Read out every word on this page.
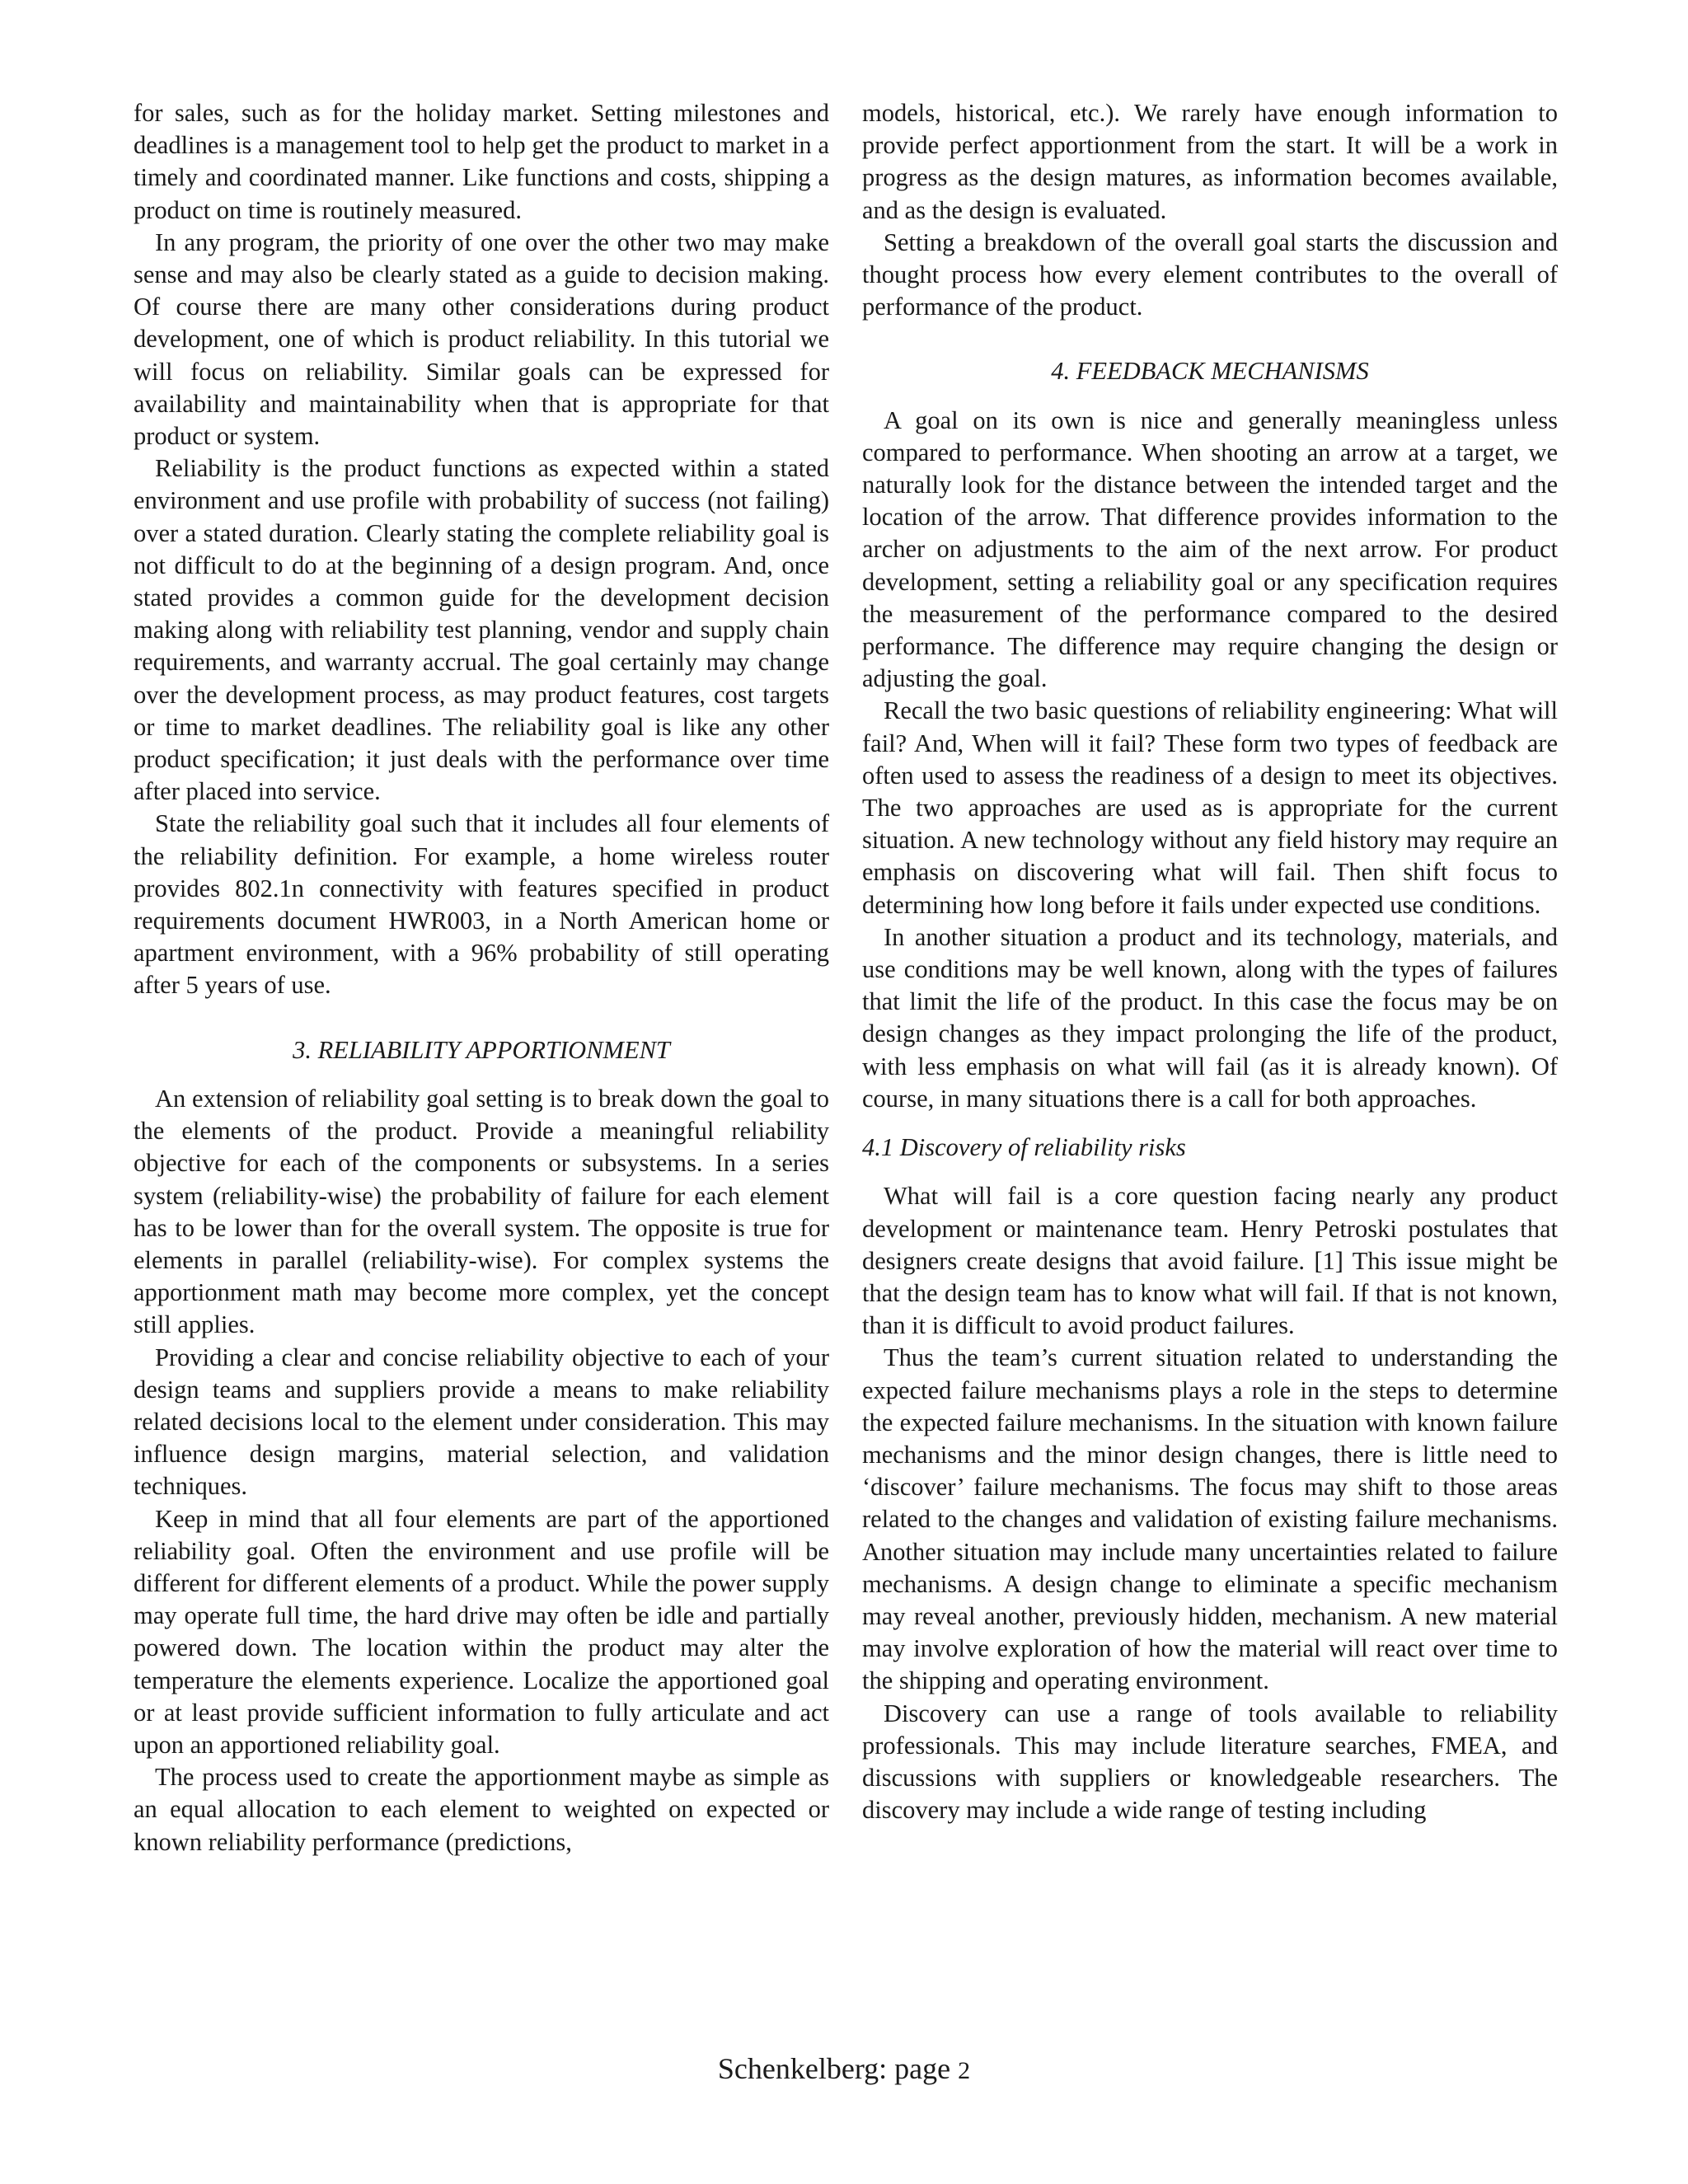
for sales, such as for the holiday market. Setting milestones and deadlines is a management tool to help get the product to market in a timely and coordinated manner. Like functions and costs, shipping a product on time is routinely measured.

In any program, the priority of one over the other two may make sense and may also be clearly stated as a guide to decision making. Of course there are many other considerations during product development, one of which is product reliability. In this tutorial we will focus on reliability. Similar goals can be expressed for availability and maintainability when that is appropriate for that product or system.

Reliability is the product functions as expected within a stated environment and use profile with probability of success (not failing) over a stated duration. Clearly stating the complete reliability goal is not difficult to do at the beginning of a design program. And, once stated provides a common guide for the development decision making along with reliability test planning, vendor and supply chain requirements, and warranty accrual. The goal certainly may change over the development process, as may product features, cost targets or time to market deadlines. The reliability goal is like any other product specification; it just deals with the performance over time after placed into service.

State the reliability goal such that it includes all four elements of the reliability definition. For example, a home wireless router provides 802.1n connectivity with features specified in product requirements document HWR003, in a North American home or apartment environment, with a 96% probability of still operating after 5 years of use.

3. RELIABILITY APPORTIONMENT

An extension of reliability goal setting is to break down the goal to the elements of the product. Provide a meaningful reliability objective for each of the components or subsystems. In a series system (reliability-wise) the probability of failure for each element has to be lower than for the overall system. The opposite is true for elements in parallel (reliability-wise). For complex systems the apportionment math may become more complex, yet the concept still applies.

Providing a clear and concise reliability objective to each of your design teams and suppliers provide a means to make reliability related decisions local to the element under consideration. This may influence design margins, material selection, and validation techniques.

Keep in mind that all four elements are part of the apportioned reliability goal. Often the environment and use profile will be different for different elements of a product. While the power supply may operate full time, the hard drive may often be idle and partially powered down. The location within the product may alter the temperature the elements experience. Localize the apportioned goal or at least provide sufficient information to fully articulate and act upon an apportioned reliability goal.

The process used to create the apportionment maybe as simple as an equal allocation to each element to weighted on expected or known reliability performance (predictions,

models, historical, etc.). We rarely have enough information to provide perfect apportionment from the start. It will be a work in progress as the design matures, as information becomes available, and as the design is evaluated.

Setting a breakdown of the overall goal starts the discussion and thought process how every element contributes to the overall of performance of the product.

4. FEEDBACK MECHANISMS

A goal on its own is nice and generally meaningless unless compared to performance. When shooting an arrow at a target, we naturally look for the distance between the intended target and the location of the arrow. That difference provides information to the archer on adjustments to the aim of the next arrow. For product development, setting a reliability goal or any specification requires the measurement of the performance compared to the desired performance. The difference may require changing the design or adjusting the goal.

Recall the two basic questions of reliability engineering: What will fail? And, When will it fail? These form two types of feedback are often used to assess the readiness of a design to meet its objectives. The two approaches are used as is appropriate for the current situation. A new technology without any field history may require an emphasis on discovering what will fail. Then shift focus to determining how long before it fails under expected use conditions.

In another situation a product and its technology, materials, and use conditions may be well known, along with the types of failures that limit the life of the product. In this case the focus may be on design changes as they impact prolonging the life of the product, with less emphasis on what will fail (as it is already known). Of course, in many situations there is a call for both approaches.

4.1 Discovery of reliability risks

What will fail is a core question facing nearly any product development or maintenance team. Henry Petroski postulates that designers create designs that avoid failure. [1] This issue might be that the design team has to know what will fail. If that is not known, than it is difficult to avoid product failures.

Thus the team’s current situation related to understanding the expected failure mechanisms plays a role in the steps to determine the expected failure mechanisms. In the situation with known failure mechanisms and the minor design changes, there is little need to ‘discover’ failure mechanisms. The focus may shift to those areas related to the changes and validation of existing failure mechanisms. Another situation may include many uncertainties related to failure mechanisms. A design change to eliminate a specific mechanism may reveal another, previously hidden, mechanism. A new material may involve exploration of how the material will react over time to the shipping and operating environment.

Discovery can use a range of tools available to reliability professionals. This may include literature searches, FMEA, and discussions with suppliers or knowledgeable researchers. The discovery may include a wide range of testing including

Schenkelberg: page 2
